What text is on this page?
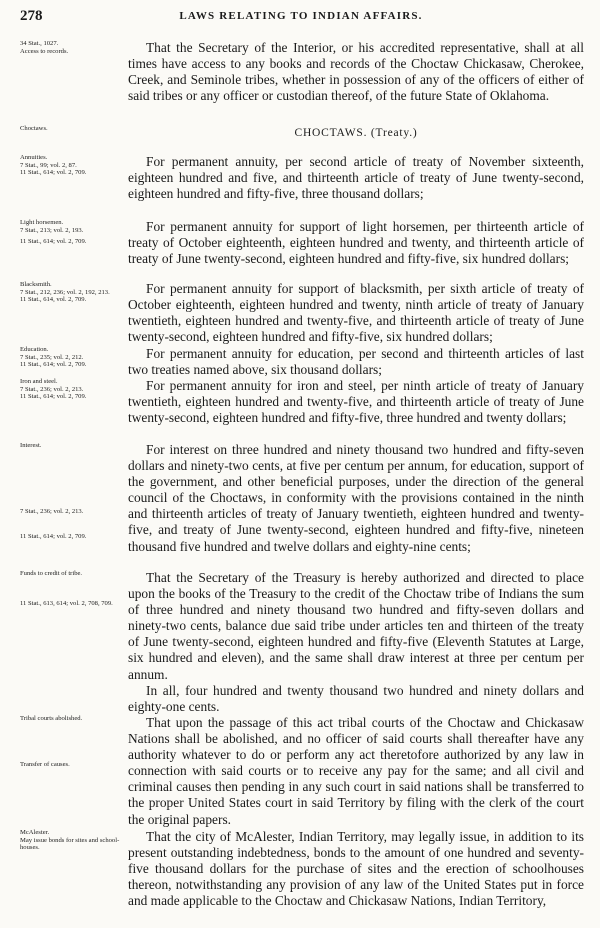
278	LAWS RELATING TO INDIAN AFFAIRS.
34 Stat., 1027.
Access to records.	That the Secretary of the Interior, or his accredited representative, shall at all times have access to any books and records of the Choctaw Chickasaw, Cherokee, Creek, and Seminole tribes, whether in possession of any of the officers of either of said tribes or any officer or custodian thereof, of the future State of Oklahoma.

Choctaws.	CHOCTAWS. (Treaty.)

Annuities.
7 Stat., 99; vol. 2, 87.
11 Stat., 614; vol. 2, 709.

For permanent annuity, per second article of treaty of November sixteenth, eighteen hundred and five, and thirteenth article of treaty of June twenty-second, eighteen hundred and fifty-five, three thousand dollars;

Light horsemen.
7 Stat., 213; vol. 2, 193.
11 Stat., 614; vol. 2, 709.

For permanent annuity for support of light horsemen, per thirteenth article of treaty of October eighteenth, eighteen hundred and twenty, and thirteenth article of treaty of June twenty-second, eighteen hundred and fifty-five, six hundred dollars;

Blacksmith.
7 Stat., 212, 236; vol. 2, 192, 213.
11 Stat., 614, vol. 2, 709.

For permanent annuity for support of blacksmith, per sixth article of treaty of October eighteenth, eighteen hundred and twenty, ninth article of treaty of January twentieth, eighteen hundred and twenty-five, and thirteenth article of treaty of June twenty-second, eighteen hundred and fifty-five, six hundred dollars;

Education.
7 Stat., 235; vol. 2, 212.
11 Stat., 614; vol. 2, 709.

For permanent annuity for education, per second and thirteenth articles of last two treaties named above, six thousand dollars;

Iron and steel.
7 Stat., 236; vol. 2, 213.
11 Stat., 614; vol. 2, 709.

For permanent annuity for iron and steel, per ninth article of treaty of January twentieth, eighteen hundred and twenty-five, and thirteenth article of treaty of June twenty-second, eighteen hundred and fifty-five, three hundred and twenty dollars;

Interest.
7 Stat., 236; vol. 2, 213.
11 Stat., 614; vol. 2, 709.

For interest on three hundred and ninety thousand two hundred and fifty-seven dollars and ninety-two cents, at five per centum per annum, for education, support of the government, and other beneficial purposes, under the direction of the general council of the Choctaws, in conformity with the provisions contained in the ninth and thirteenth articles of treaty of January twentieth, eighteen hundred and twenty-five, and treaty of June twenty-second, eighteen hundred and fifty-five, nineteen thousand five hundred and twelve dollars and eighty-nine cents;

Funds to credit of tribe.
11 Stat., 613, 614; vol. 2, 708, 709.

That the Secretary of the Treasury is hereby authorized and directed to place upon the books of the Treasury to the credit of the Choctaw tribe of Indians the sum of three hundred and ninety thousand two hundred and fifty-seven dollars and ninety-two cents, balance due said tribe under articles ten and thirteen of the treaty of June twenty-second, eighteen hundred and fifty-five (Eleventh Statutes at Large, six hundred and eleven), and the same shall draw interest at three per centum per annum.

In all, four hundred and twenty thousand two hundred and ninety dollars and eighty-one cents.

Tribal courts abolished.
Transfer of causes.

That upon the passage of this act tribal courts of the Choctaw and Chickasaw Nations shall be abolished, and no officer of said courts shall thereafter have any authority whatever to do or perform any act theretofore authorized by any law in connection with said courts or to receive any pay for the same; and all civil and criminal causes then pending in any such court in said nations shall be transferred to the proper United States court in said Territory by filing with the clerk of the court the original papers.

McAlester.
May issue bonds for sites and school-houses.

That the city of McAlester, Indian Territory, may legally issue, in addition to its present outstanding indebtedness, bonds to the amount of one hundred and seventy-five thousand dollars for the purchase of sites and the erection of schoolhouses thereon, notwithstanding any provision of any law of the United States put in force and made applicable to the Choctaw and Chickasaw Nations, Indian Territory,
